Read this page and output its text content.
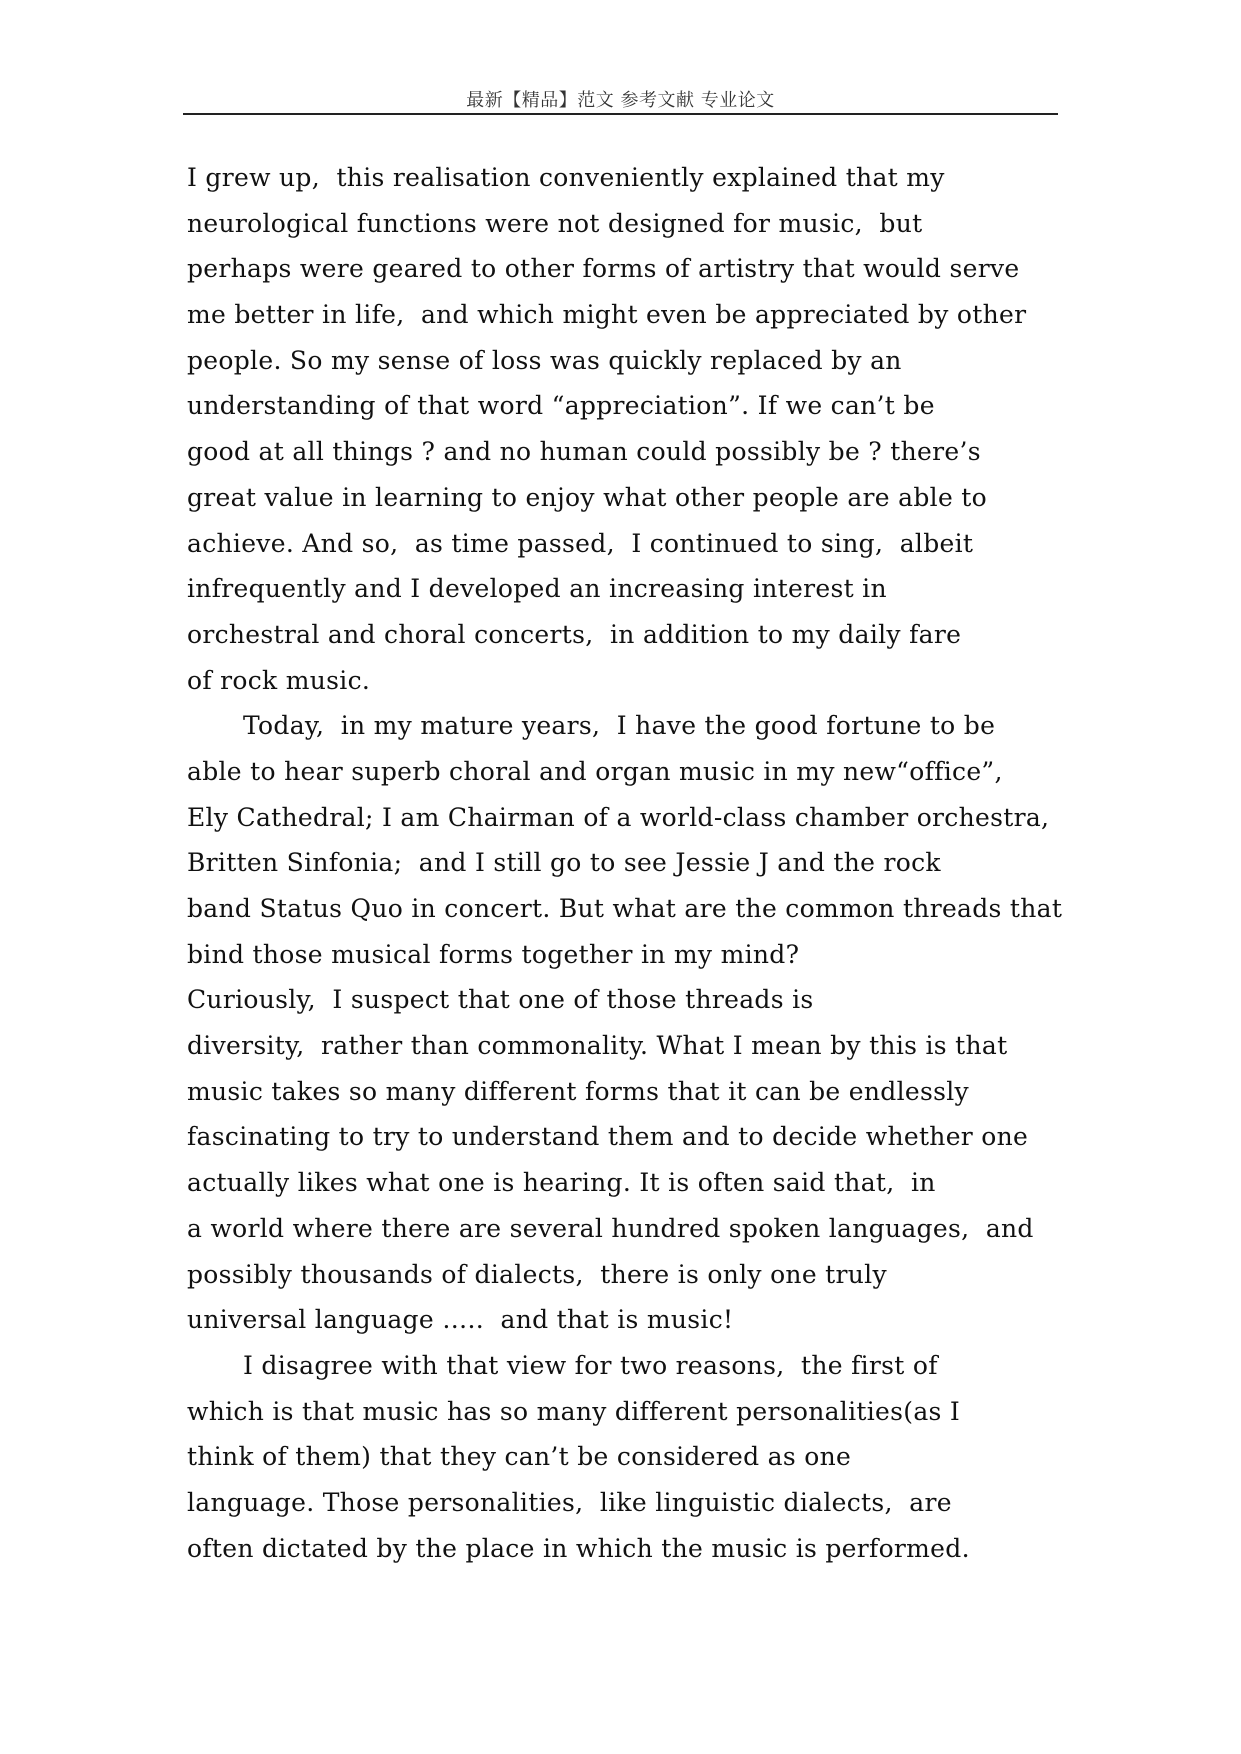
最新【精品】范文 参考文献 专业论文
I grew up,  this realisation conveniently explained that my
neurological functions were not designed for music,  but
perhaps were geared to other forms of artistry that would serve
me better in life,  and which might even be appreciated by other
people. So my sense of loss was quickly replaced by an
understanding of that word “appreciation”. If we can’t be
good at all things ? and no human could possibly be ? there’s
great value in learning to enjoy what other people are able to
achieve. And so,  as time passed,  I continued to sing,  albeit
infrequently and I developed an increasing interest in
orchestral and choral concerts,  in addition to my daily fare
of rock music.
Today,  in my mature years,  I have the good fortune to be
able to hear superb choral and organ music in my new“office”,
Ely Cathedral; I am Chairman of a world-class chamber orchestra,
Britten Sinfonia;  and I still go to see Jessie J and the rock
band Status Quo in concert. But what are the common threads that
bind those musical forms together in my mind?
Curiously,  I suspect that one of those threads is
diversity,  rather than commonality. What I mean by this is that
music takes so many different forms that it can be endlessly
fascinating to try to understand them and to decide whether one
actually likes what one is hearing. It is often said that,  in
a world where there are several hundred spoken languages,  and
possibly thousands of dialects,  there is only one truly
universal language …..  and that is music!
I disagree with that view for two reasons,  the first of
which is that music has so many different personalities(as I
think of them) that they can’t be considered as one
language. Those personalities,  like linguistic dialects,  are
often dictated by the place in which the music is performed.
